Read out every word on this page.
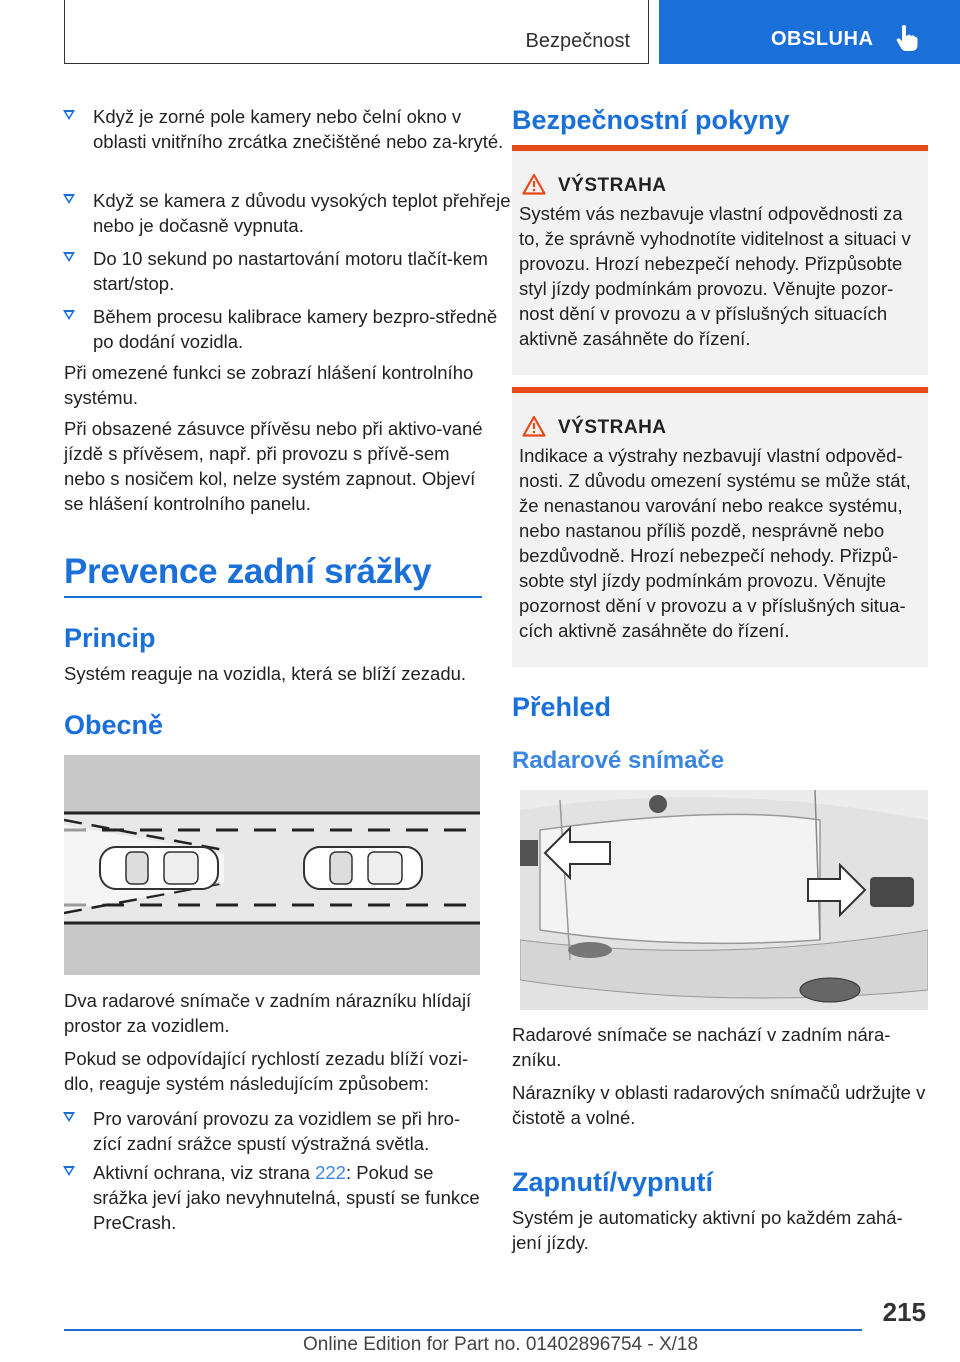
Bezpečnost	OBSLUHA
Když je zorné pole kamery nebo čelní okno v oblasti vnitřního zrcátka znečištěné nebo za-kryté.
Když se kamera z důvodu vysokých teplot přehřeje nebo je dočasně vypnuta.
Do 10 sekund po nastartování motoru tlačít-kem start/stop.
Během procesu kalibrace kamery bezpro-středně po dodání vozidla.
Při omezené funkci se zobrazí hlášení kontrolního systému.
Při obsazené zásuvce přívěsu nebo při aktivo-vané jízdě s přívěsem, např. při provozu s přívě-sem nebo s nosičem kol, nelze systém zapnout. Objeví se hlášení kontrolního panelu.
Prevence zadní srážky
Princip
Systém reaguje na vozidla, která se blíží zezadu.
Obecně
Dva radarové snímače v zadním nárazníku hlídají prostor za vozidlem.
Pokud se odpovídající rychlostí zezadu blíží vozi-dlo, reaguje systém následujícím způsobem:
Pro varování provozu za vozidlem se při hro-zící zadní srážce spustí výstražná světla.
Aktivní ochrana, viz strana 222: Pokud se srážka jeví jako nevyhnutelná, spustí se funkce PreCrash.
Bezpečnostní pokyny
VÝSTRAHA
Systém vás nezbavuje vlastní odpovědnosti za to, že správně vyhodnotíte viditelnost a situaci v provozu. Hrozí nebezpečí nehody. Přizpůsobte styl jízdy podmínkám provozu. Věnujte pozor-nost dění v provozu a v příslušných situacích aktivně zasáhněte do řízení.
VÝSTRAHA
Indikace a výstrahy nezbavují vlastní odpověd-nosti. Z důvodu omezení systému se může stát, že nenastanou varování nebo reakce systému, nebo nastanou příliš pozdě, nesprávně nebo bezdůvodně. Hrozí nebezpečí nehody. Přizpů-sobte styl jízdy podmínkám provozu. Věnujte pozornost dění v provozu a v příslušných situa-cích aktivně zasáhněte do řízení.
Přehled
Radarové snímače
Radarové snímače se nachází v zadním nára-zníku.
Nárazníky v oblasti radarových snímačů udržujte v čistotě a volné.
Zapnutí/vypnutí
Systém je automaticky aktivní po každém zahá-jení jízdy.
215
Online Edition for Part no. 01402896754 - X/18
